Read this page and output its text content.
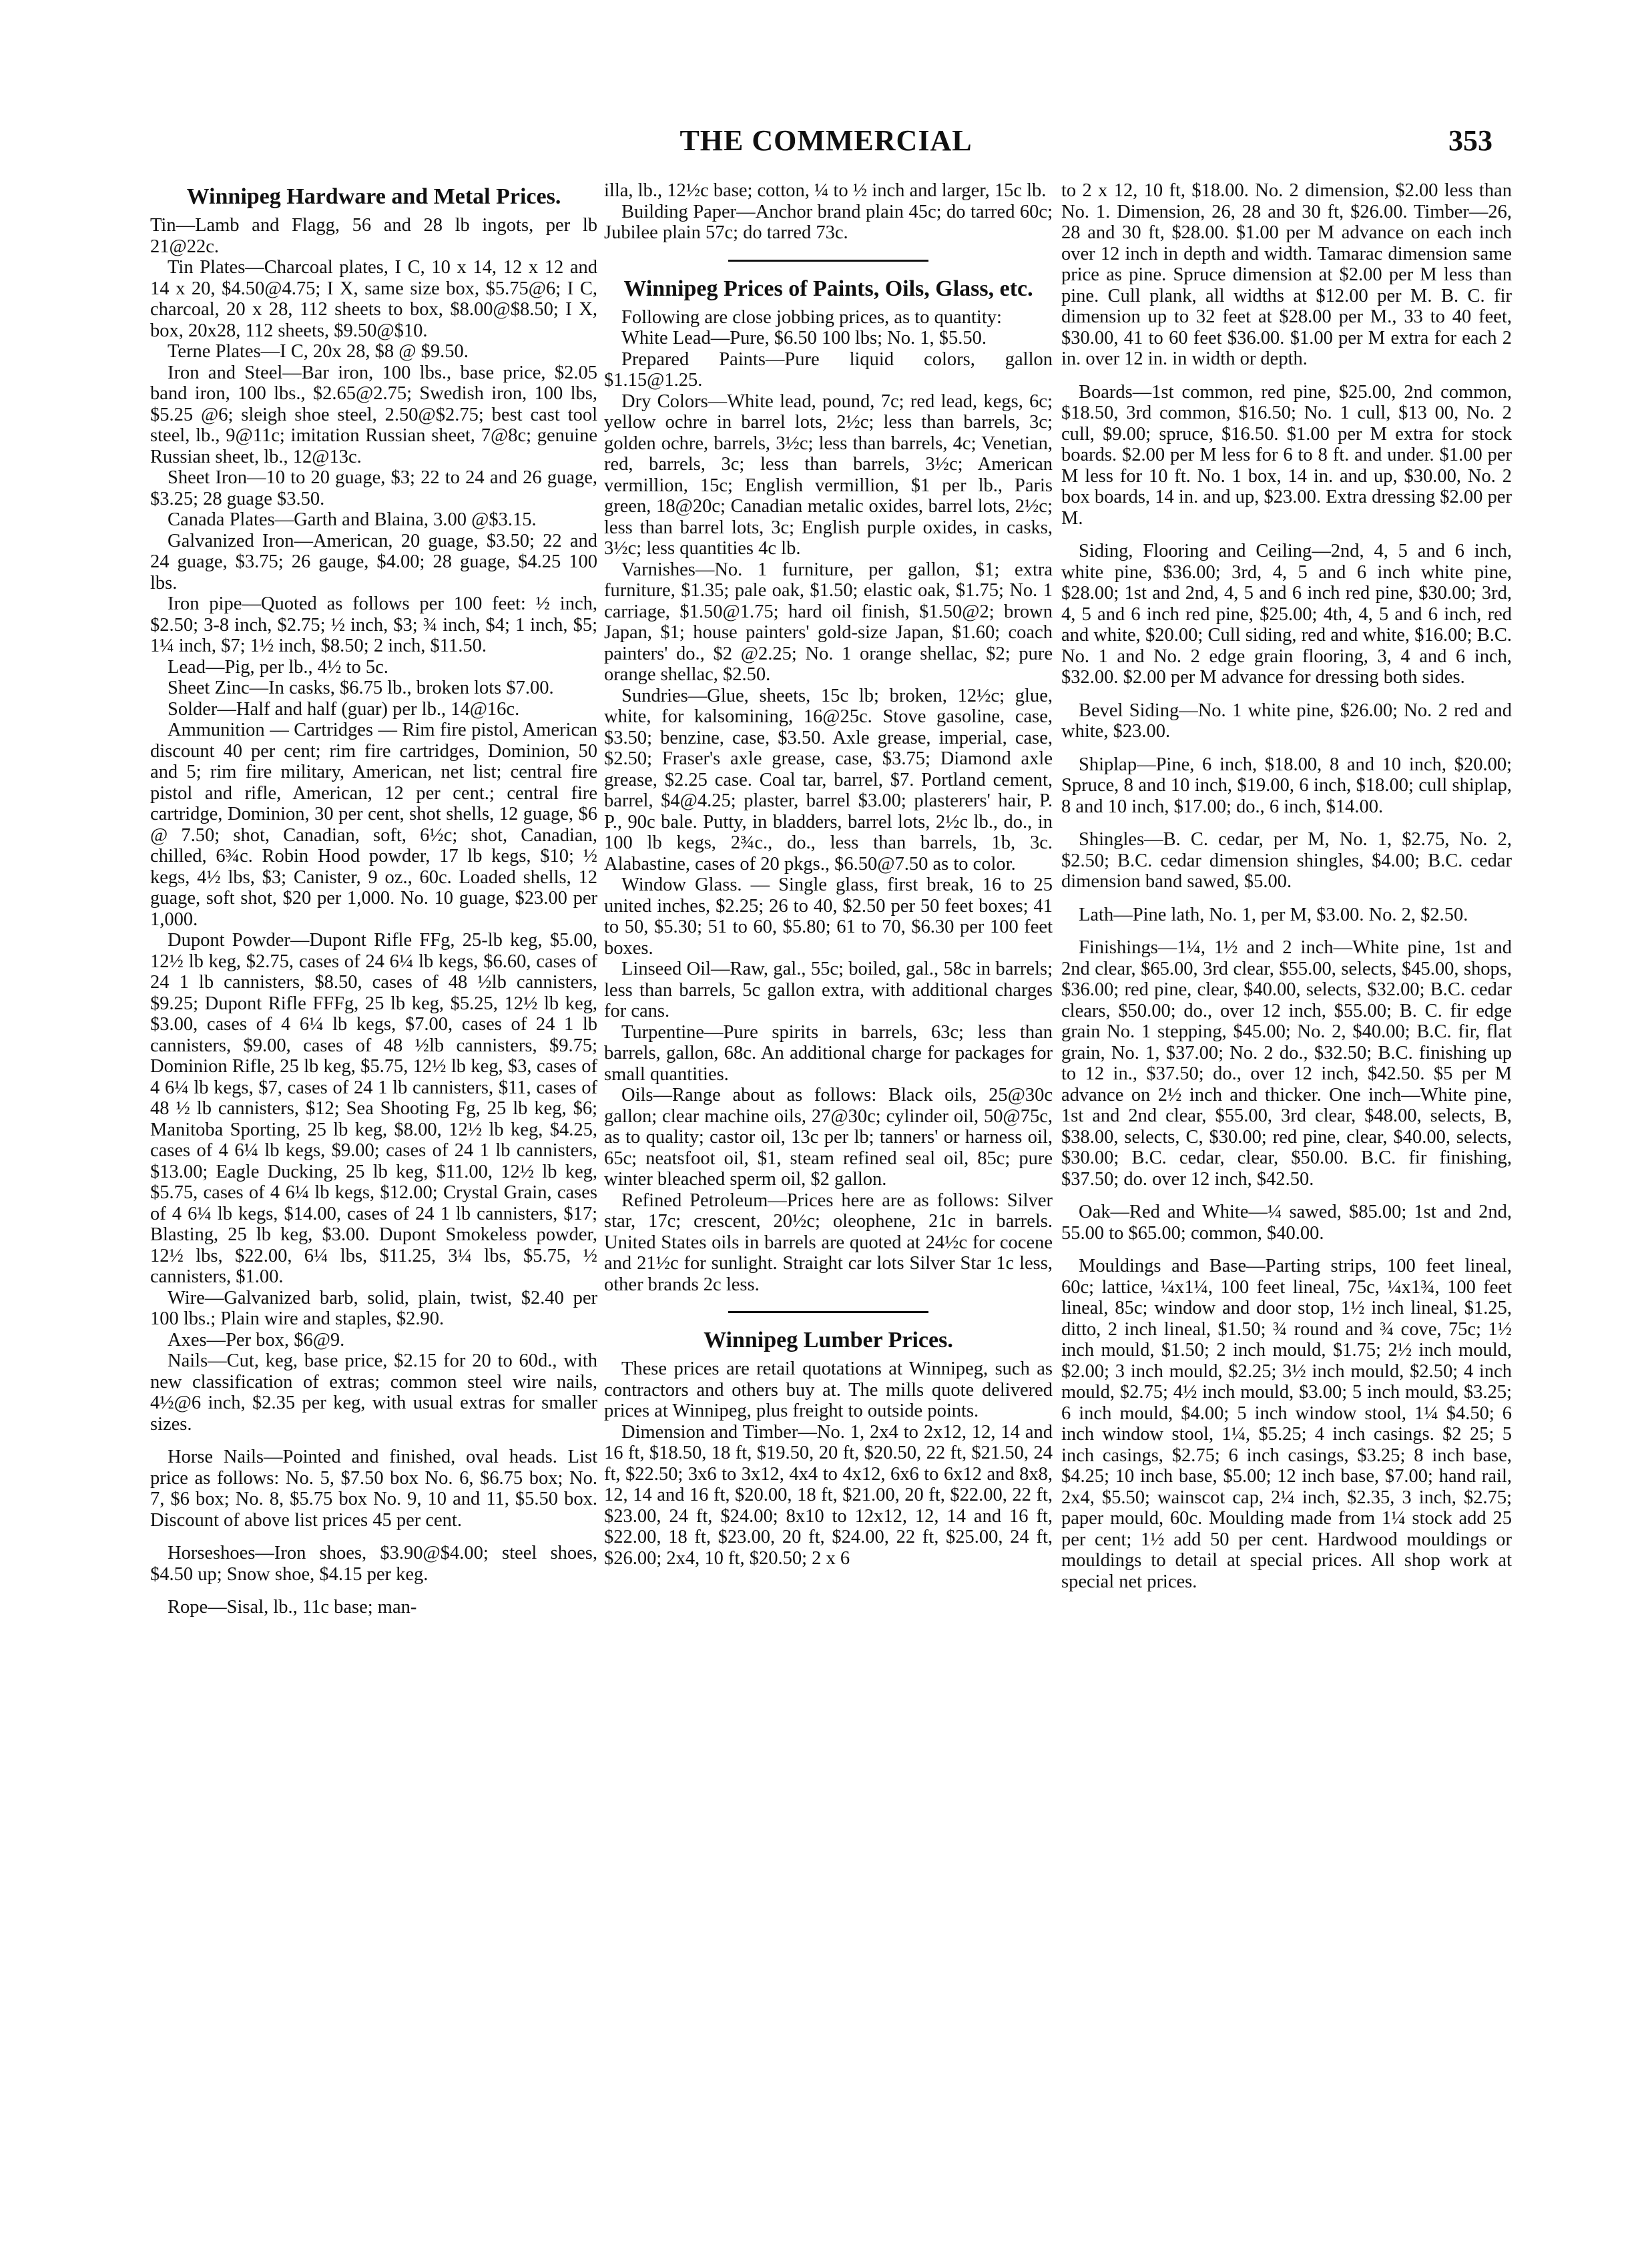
THE COMMERCIAL	353
Winnipeg Hardware and Metal Prices.

Tin—Lamb and Flagg, 56 and 28 lb ingots, per lb 21@22c.

Tin Plates—Charcoal plates, I C, 10 x 14, 12 x 12 and 14 x 20, $4.50@4.75; I X, same size box, $5.75@6; I C, charcoal, 20 x 28, 112 sheets to box, $8.00@$8.50; I X, box, 20x28, 112 sheets, $9.50@$10.

Terne Plates—I C, 20x 28, $8 @ $9.50.

Iron and Steel—Bar iron, 100 lbs., base price, $2.05 band iron, 100 lbs., $2.65@2.75; Swedish iron, 100 lbs, $5.25 @6; sleigh shoe steel, 2.50@$2.75; best cast tool steel, lb., 9@11c; imitation Russian sheet, 7@8c; genuine Russian sheet, lb., 12@13c.

Sheet Iron—10 to 20 guage, $3; 22 to 24 and 26 guage, $3.25; 28 guage $3.50.

Canada Plates—Garth and Blaina, 3.00 @$3.15.

Galvanized Iron—American, 20 guage, $3.50; 22 and 24 guage, $3.75; 26 gauge, $4.00; 28 guage, $4.25 100 lbs.

Iron pipe—Quoted as follows per 100 feet: ½ inch, $2.50; 3-8 inch, $2.75; ½ inch, $3; ¾ inch, $4; 1 inch, $5; 1¼ inch, $7; 1½ inch, $8.50; 2 inch, $11.50.

Lead—Pig, per lb., 4½ to 5c.

Sheet Zinc—In casks, $6.75 lb., broken lots $7.00.

Solder—Half and half (guar) per lb., 14@16c.

Ammunition — Cartridges — Rim fire pistol, American discount 40 per cent; rim fire cartridges, Dominion, 50 and 5; rim fire military, American, net list; central fire pistol and rifle, American, 12 per cent.; central fire cartridge, Dominion, 30 per cent, shot shells, 12 guage, $6 @ 7.50; shot, Canadian, soft, 6½c; shot, Canadian, chilled, 6¾c. Robin Hood powder, 17 lb kegs, $10; ½ kegs, 4½ lbs, $3; Canister, 9 oz., 60c. Loaded shells, 12 guage, soft shot, $20 per 1,000. No. 10 guage, $23.00 per 1,000.

Dupont Powder—Dupont Rifle FFg, 25-lb keg, $5.00, 12½ lb keg, $2.75, cases of 24 6¼ lb kegs, $6.60, cases of 24 1 lb cannisters, $8.50, cases of 48 ½lb cannisters, $9.25; Dupont Rifle FFFg, 25 lb keg, $5.25, 12½ lb keg, $3.00, cases of 4 6¼ lb kegs, $7.00, cases of 24 1 lb cannisters, $9.00, cases of 48 ½lb cannisters, $9.75; Dominion Rifle, 25 lb keg, $5.75, 12½ lb keg, $3, cases of 4 6¼ lb kegs, $7, cases of 24 1 lb cannisters, $11, cases of 48 ½ lb cannisters, $12; Sea Shooting Fg, 25 lb keg, $6; Manitoba Sporting, 25 lb keg, $8.00, 12½ lb keg, $4.25, cases of 4 6¼ lb kegs, $9.00; cases of 24 1 lb cannisters, $13.00; Eagle Ducking, 25 lb keg, $11.00, 12½ lb keg, $5.75, cases of 4 6¼ lb kegs, $12.00; Crystal Grain, cases of 4 6¼ lb kegs, $14.00, cases of 24 1 lb cannisters, $17; Blasting, 25 lb keg, $3.00. Dupont Smokeless powder, 12½ lbs, $22.00, 6¼ lbs, $11.25, 3¼ lbs, $5.75, ½ cannisters, $1.00.

Wire—Galvanized barb, solid, plain, twist, $2.40 per 100 lbs.; Plain wire and staples, $2.90.

Axes—Per box, $6@9.

Nails—Cut, keg, base price, $2.15 for 20 to 60d., with new classification of extras; common steel wire nails, 4½@6 inch, $2.35 per keg, with usual extras for smaller sizes.

Horse Nails—Pointed and finished, oval heads. List price as follows: No. 5, $7.50 box No. 6, $6.75 box; No. 7, $6 box; No. 8, $5.75 box No. 9, 10 and 11, $5.50 box. Discount of above list prices 45 per cent.

Horseshoes—Iron shoes, $3.90@$4.00; steel shoes, $4.50 up; Snow shoe, $4.15 per keg.

Rope—Sisal, lb., 11c base; man-

illa, lb., 12½c base; cotton, ¼ to ½ inch and larger, 15c lb.

Building Paper—Anchor brand plain 45c; do tarred 60c; Jubilee plain 57c; do tarred 73c.

Winnipeg Prices of Paints, Oils, Glass, etc.

Following are close jobbing prices, as to quantity:

White Lead—Pure, $6.50 100 lbs; No. 1, $5.50.

Prepared Paints—Pure liquid colors, gallon $1.15@1.25.

Dry Colors—White lead, pound, 7c; red lead, kegs, 6c; yellow ochre in barrel lots, 2½c; less than barrels, 3c; golden ochre, barrels, 3½c; less than barrels, 4c; Venetian, red, barrels, 3c; less than barrels, 3½c; American vermillion, 15c; English vermillion, $1 per lb., Paris green, 18@20c; Canadian metalic oxides, barrel lots, 2½c; less than barrel lots, 3c; English purple oxides, in casks, 3½c; less quantities 4c lb.

Varnishes—No. 1 furniture, per gallon, $1; extra furniture, $1.35; pale oak, $1.50; elastic oak, $1.75; No. 1 carriage, $1.50@1.75; hard oil finish, $1.50@2; brown Japan, $1; house painters' gold-size Japan, $1.60; coach painters' do., $2 @2.25; No. 1 orange shellac, $2; pure orange shellac, $2.50.

Sundries—Glue, sheets, 15c lb; broken, 12½c; glue, white, for kalsomining, 16@25c. Stove gasoline, case, $3.50; benzine, case, $3.50. Axle grease, imperial, case, $2.50; Fraser's axle grease, case, $3.75; Diamond axle grease, $2.25 case. Coal tar, barrel, $7. Portland cement, barrel, $4@4.25; plaster, barrel $3.00; plasterers' hair, P. P., 90c bale. Putty, in bladders, barrel lots, 2½c lb., do., in 100 lb kegs, 2¾c., do., less than barrels, 1b, 3c. Alabastine, cases of 20 pkgs., $6.50@7.50 as to color.

Window Glass. — Single glass, first break, 16 to 25 united inches, $2.25; 26 to 40, $2.50 per 50 feet boxes; 41 to 50, $5.30; 51 to 60, $5.80; 61 to 70, $6.30 per 100 feet boxes.

Linseed Oil—Raw, gal., 55c; boiled, gal., 58c in barrels; less than barrels, 5c gallon extra, with additional charges for cans.

Turpentine—Pure spirits in barrels, 63c; less than barrels, gallon, 68c. An additional charge for packages for small quantities.

Oils—Range about as follows: Black oils, 25@30c gallon; clear machine oils, 27@30c; cylinder oil, 50@75c, as to quality; castor oil, 13c per lb; tanners' or harness oil, 65c; neatsfoot oil, $1, steam refined seal oil, 85c; pure winter bleached sperm oil, $2 gallon.

Refined Petroleum—Prices here are as follows: Silver star, 17c; crescent, 20½c; oleophene, 21c in barrels. United States oils in barrels are quoted at 24½c for cocene and 21½c for sunlight. Straight car lots Silver Star 1c less, other brands 2c less.

Winnipeg Lumber Prices.

These prices are retail quotations at Winnipeg, such as contractors and others buy at. The mills quote delivered prices at Winnipeg, plus freight to outside points.

Dimension and Timber—No. 1, 2x4 to 2x12, 12, 14 and 16 ft, $18.50, 18 ft, $19.50, 20 ft, $20.50, 22 ft, $21.50, 24 ft, $22.50; 3x6 to 3x12, 4x4 to 4x12, 6x6 to 6x12 and 8x8, 12, 14 and 16 ft, $20.00, 18 ft, $21.00, 20 ft, $22.00, 22 ft, $23.00, 24 ft, $24.00; 8x10 to 12x12, 12, 14 and 16 ft, $22.00, 18 ft, $23.00, 20 ft, $24.00, 22 ft, $25.00, 24 ft, $26.00; 2x4, 10 ft, $20.50; 2 x 6

to 2 x 12, 10 ft, $18.00. No. 2 dimension, $2.00 less than No. 1. Dimension, 26, 28 and 30 ft, $26.00. Timber—26, 28 and 30 ft, $28.00. $1.00 per M advance on each inch over 12 inch in depth and width. Tamarac dimension same price as pine. Spruce dimension at $2.00 per M less than pine. Cull plank, all widths at $12.00 per M. B. C. fir dimension up to 32 feet at $28.00 per M., 33 to 40 feet, $30.00, 41 to 60 feet $36.00. $1.00 per M extra for each 2 in. over 12 in. in width or depth.

Boards—1st common, red pine, $25.00, 2nd common, $18.50, 3rd common, $16.50; No. 1 cull, $13 00, No. 2 cull, $9.00; spruce, $16.50. $1.00 per M extra for stock boards. $2.00 per M less for 6 to 8 ft. and under. $1.00 per M less for 10 ft. No. 1 box, 14 in. and up, $30.00, No. 2 box boards, 14 in. and up, $23.00. Extra dressing $2.00 per M.

Siding, Flooring and Ceiling—2nd, 4, 5 and 6 inch, white pine, $36.00; 3rd, 4, 5 and 6 inch white pine, $28.00; 1st and 2nd, 4, 5 and 6 inch red pine, $30.00; 3rd, 4, 5 and 6 inch red pine, $25.00; 4th, 4, 5 and 6 inch, red and white, $20.00; Cull siding, red and white, $16.00; B.C. No. 1 and No. 2 edge grain flooring, 3, 4 and 6 inch, $32.00. $2.00 per M advance for dressing both sides.

Bevel Siding—No. 1 white pine, $26.00; No. 2 red and white, $23.00.

Shiplap—Pine, 6 inch, $18.00, 8 and 10 inch, $20.00; Spruce, 8 and 10 inch, $19.00, 6 inch, $18.00; cull shiplap, 8 and 10 inch, $17.00; do., 6 inch, $14.00.

Shingles—B. C. cedar, per M, No. 1, $2.75, No. 2, $2.50; B.C. cedar dimension shingles, $4.00; B.C. cedar dimension band sawed, $5.00.

Lath—Pine lath, No. 1, per M, $3.00. No. 2, $2.50.

Finishings—1¼, 1½ and 2 inch—White pine, 1st and 2nd clear, $65.00, 3rd clear, $55.00, selects, $45.00, shops, $36.00; red pine, clear, $40.00, selects, $32.00; B.C. cedar clears, $50.00; do., over 12 inch, $55.00; B. C. fir edge grain No. 1 stepping, $45.00; No. 2, $40.00; B.C. fir, flat grain, No. 1, $37.00; No. 2 do., $32.50; B.C. finishing up to 12 in., $37.50; do., over 12 inch, $42.50. $5 per M advance on 2½ inch and thicker. One inch—White pine, 1st and 2nd clear, $55.00, 3rd clear, $48.00, selects, B, $38.00, selects, C, $30.00; red pine, clear, $40.00, selects, $30.00; B.C. cedar, clear, $50.00. B.C. fir finishing, $37.50; do. over 12 inch, $42.50.

Oak—Red and White—¼ sawed, $85.00; 1st and 2nd, 55.00 to $65.00; common, $40.00.

Mouldings and Base—Parting strips, 100 feet lineal, 60c; lattice, ¼x1¼, 100 feet lineal, 75c, ¼x1¾, 100 feet lineal, 85c; window and door stop, 1½ inch lineal, $1.25, ditto, 2 inch lineal, $1.50; ¾ round and ¾ cove, 75c; 1½ inch mould, $1.50; 2 inch mould, $1.75; 2½ inch mould, $2.00; 3 inch mould, $2.25; 3½ inch mould, $2.50; 4 inch mould, $2.75; 4½ inch mould, $3.00; 5 inch mould, $3.25; 6 inch mould, $4.00; 5 inch window stool, 1¼ $4.50; 6 inch window stool, 1¼, $5.25; 4 inch casings. $2 25; 5 inch casings, $2.75; 6 inch casings, $3.25; 8 inch base, $4.25; 10 inch base, $5.00; 12 inch base, $7.00; hand rail, 2x4, $5.50; wainscot cap, 2¼ inch, $2.35, 3 inch, $2.75; paper mould, 60c. Moulding made from 1¼ stock add 25 per cent; 1½ add 50 per cent. Hardwood mouldings or mouldings to detail at special prices. All shop work at special net prices.
